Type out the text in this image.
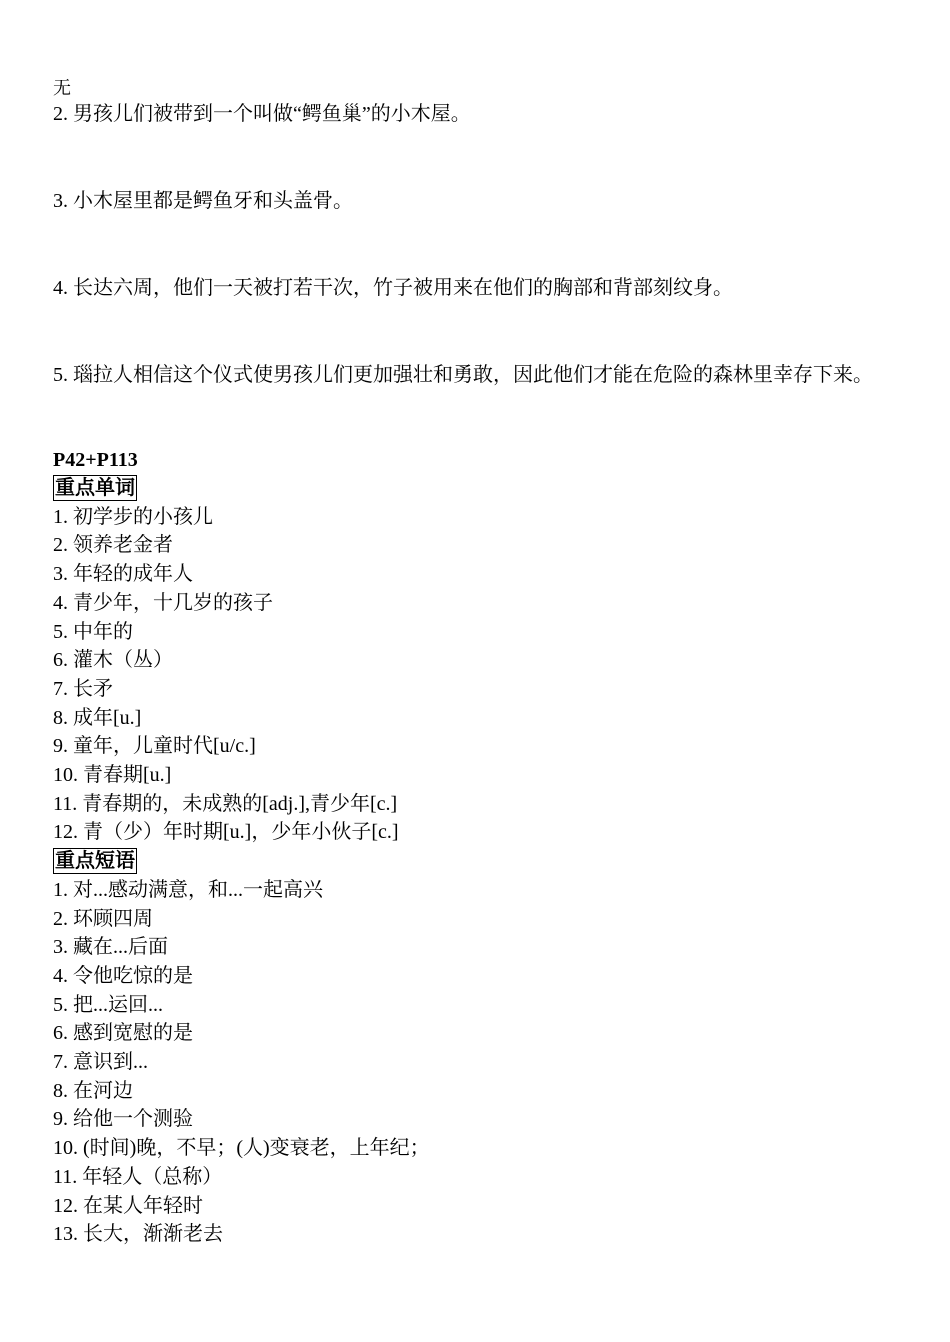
无

2. 男孩儿们被带到一个叫做“鳄鱼巢”的小木屋。

3. 小木屋里都是鳄鱼牙和头盖骨。

4. 长达六周，他们一天被打若干次，竹子被用来在他们的胸部和背部刻纹身。

5. 瑙拉人相信这个仪式使男孩儿们更加强壮和勇敢，因此他们才能在危险的森林里幸存下来。

P42+P113

重点单词
1. 初学步的小孩儿
2. 领养老金者
3. 年轻的成年人
4. 青少年，十几岁的孩子
5. 中年的
6. 灌木（丛）
7. 长矛
8. 成年[u.]
9. 童年，儿童时代[u/c.]
10. 青春期[u.]
11. 青春期的，未成熟的[adj.],青少年[c.]
12. 青（少）年时期[u.]，少年小伙子[c.]
重点短语
1. 对...感动满意，和...一起高兴
2. 环顾四周
3. 藏在...后面
4. 令他吃惊的是
5. 把...运回...
6. 感到宽慰的是
7. 意识到...
8. 在河边
9. 给他一个测验
10. (时间)晚，不早；(人)变衰老，上年纪；
11. 年轻人（总称）
12. 在某人年轻时
13. 长大，渐渐老去
